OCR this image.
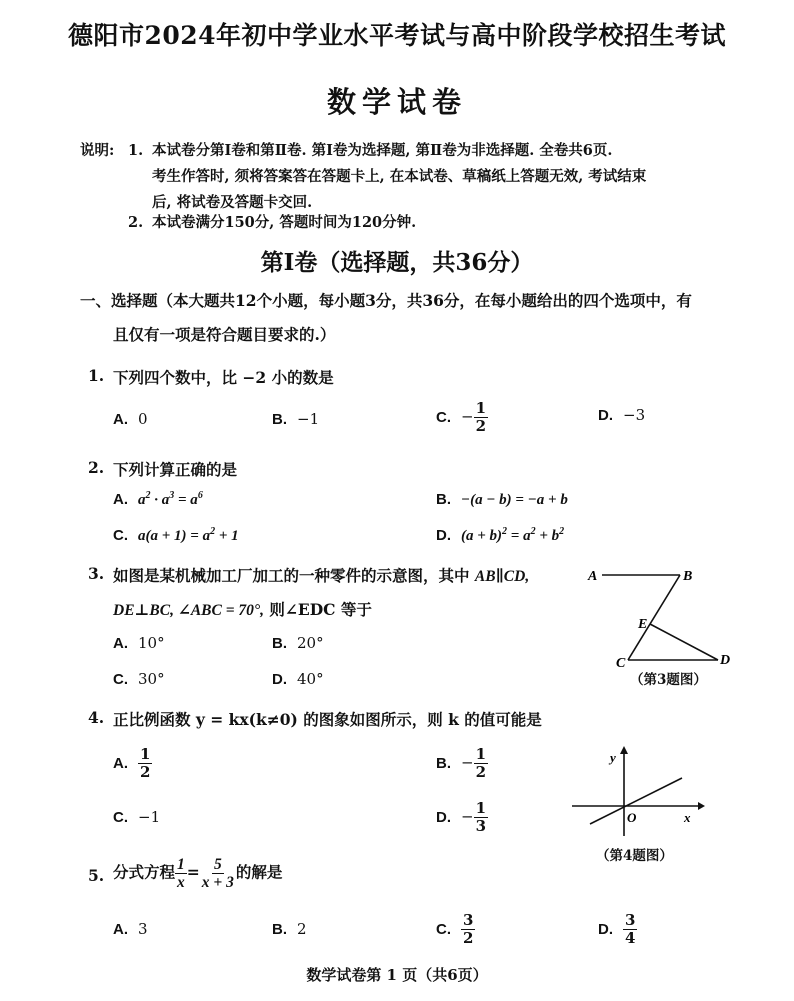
德阳市2024年初中学业水平考试与高中阶段学校招生考试
数学试卷
说明: 1. 本试卷分第Ⅰ卷和第Ⅱ卷. 第Ⅰ卷为选择题, 第Ⅱ卷为非选择题. 全卷共6页.
考生作答时, 须将答案答在答题卡上, 在本试卷、草稿纸上答题无效, 考试结束
后, 将试卷及答题卡交回.
2. 本试卷满分150分, 答题时间为120分钟.
第Ⅰ卷（选择题，共36分）
一、选择题（本大题共12个小题，每小题3分，共36分，在每小题给出的四个选项中，有
且仅有一项是符合题目要求的.）
1. 下列四个数中，比 −2 小的数是
A. 0	B. −1	C. − $\frac{1}{2}$	D. −3
2. 下列计算正确的是
A. $a^2 \cdot a^3 = a^6$	B. −(a − b) = −a + b
C. $a(a + 1) = a^2 + 1$	D. $(a + b)^2 = a^2 + b^2$
3. 如图是某机械加工厂加工的一种零件的示意图，其中 AB∥CD,
DE⊥BC, ∠ABC = 70°, 则∠EDC 等于
A. 10°	B. 20°
C. 30°	D. 40°
A	B
C	D
E
（第3题图）
4. 正比例函数 y = kx(k≠0) 的图象如图所示，则 k 的值可能是
A. $\frac{1}{2}$	B. − $\frac{1}{2}$
C. −1	D. − $\frac{1}{3}$
y
x
O
（第4题图）
5. 分式方程 $\frac{1}{x} = \frac{5}{x + 3}$ 的解是
A. 3	B. 2	C. $\frac{3}{2}$	D. $\frac{3}{4}$
数学试卷第 1 页（共6页）
